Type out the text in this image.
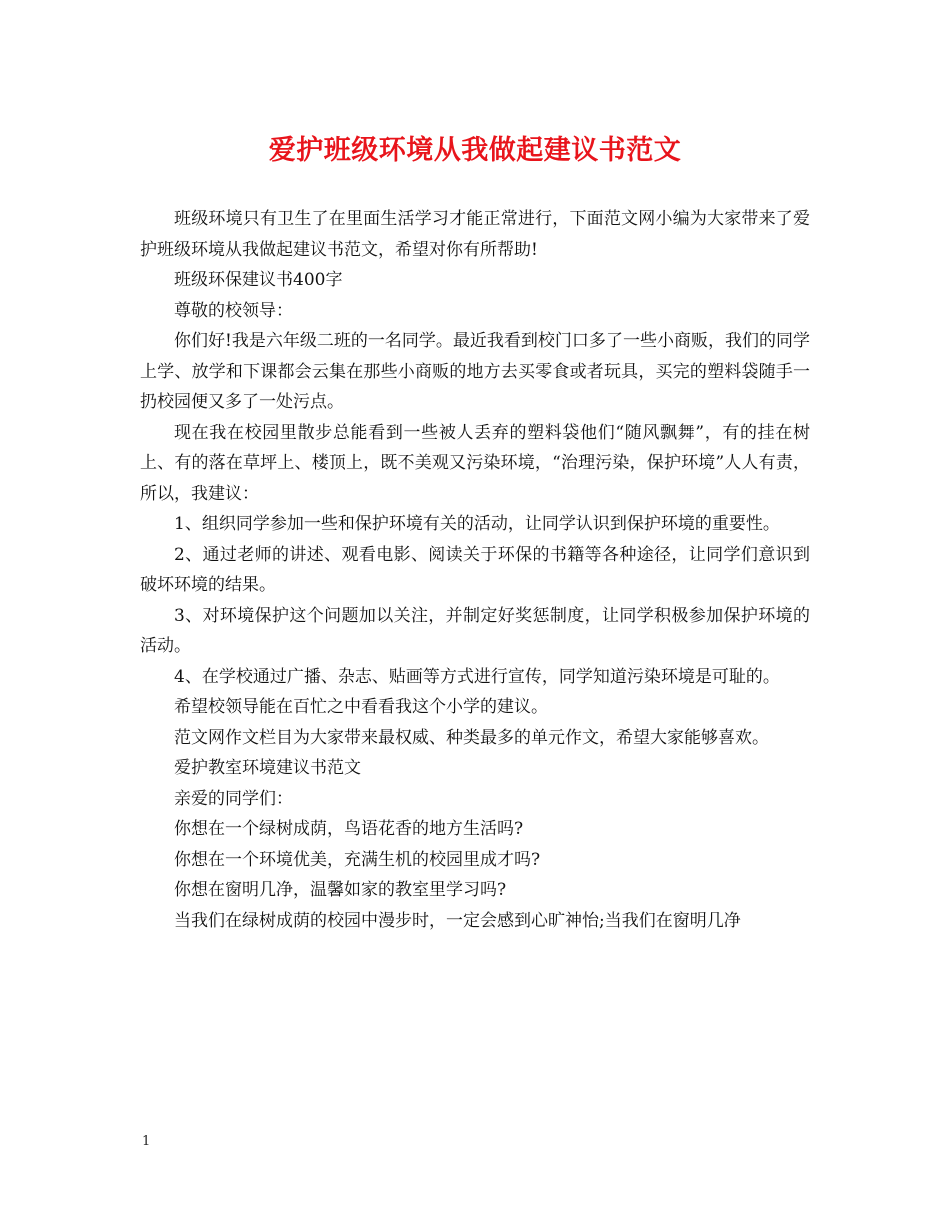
爱护班级环境从我做起建议书范文

班级环境只有卫生了在里面生活学习才能正常进行，下面范文网小编为大家带来了爱护班级环境从我做起建议书范文，希望对你有所帮助!

班级环保建议书400字

尊敬的校领导：

你们好!我是六年级二班的一名同学。最近我看到校门口多了一些小商贩，我们的同学上学、放学和下课都会云集在那些小商贩的地方去买零食或者玩具，买完的塑料袋随手一扔校园便又多了一处污点。

现在我在校园里散步总能看到一些被人丢弃的塑料袋他们“随风飘舞”，有的挂在树上、有的落在草坪上、楼顶上，既不美观又污染环境，“治理污染，保护环境”人人有责，所以，我建议：

1、组织同学参加一些和保护环境有关的活动，让同学认识到保护环境的重要性。

2、通过老师的讲述、观看电影、阅读关于环保的书籍等各种途径，让同学们意识到破坏环境的结果。

3、对环境保护这个问题加以关注，并制定好奖惩制度，让同学积极参加保护环境的活动。

4、在学校通过广播、杂志、贴画等方式进行宣传，同学知道污染环境是可耻的。

希望校领导能在百忙之中看看我这个小学的建议。

范文网作文栏目为大家带来最权威、种类最多的单元作文，希望大家能够喜欢。

爱护教室环境建议书范文

亲爱的同学们：

你想在一个绿树成荫，鸟语花香的地方生活吗?

你想在一个环境优美，充满生机的校园里成才吗?

你想在窗明几净，温馨如家的教室里学习吗?

当我们在绿树成荫的校园中漫步时，一定会感到心旷神怡;当我们在窗明几净

1
